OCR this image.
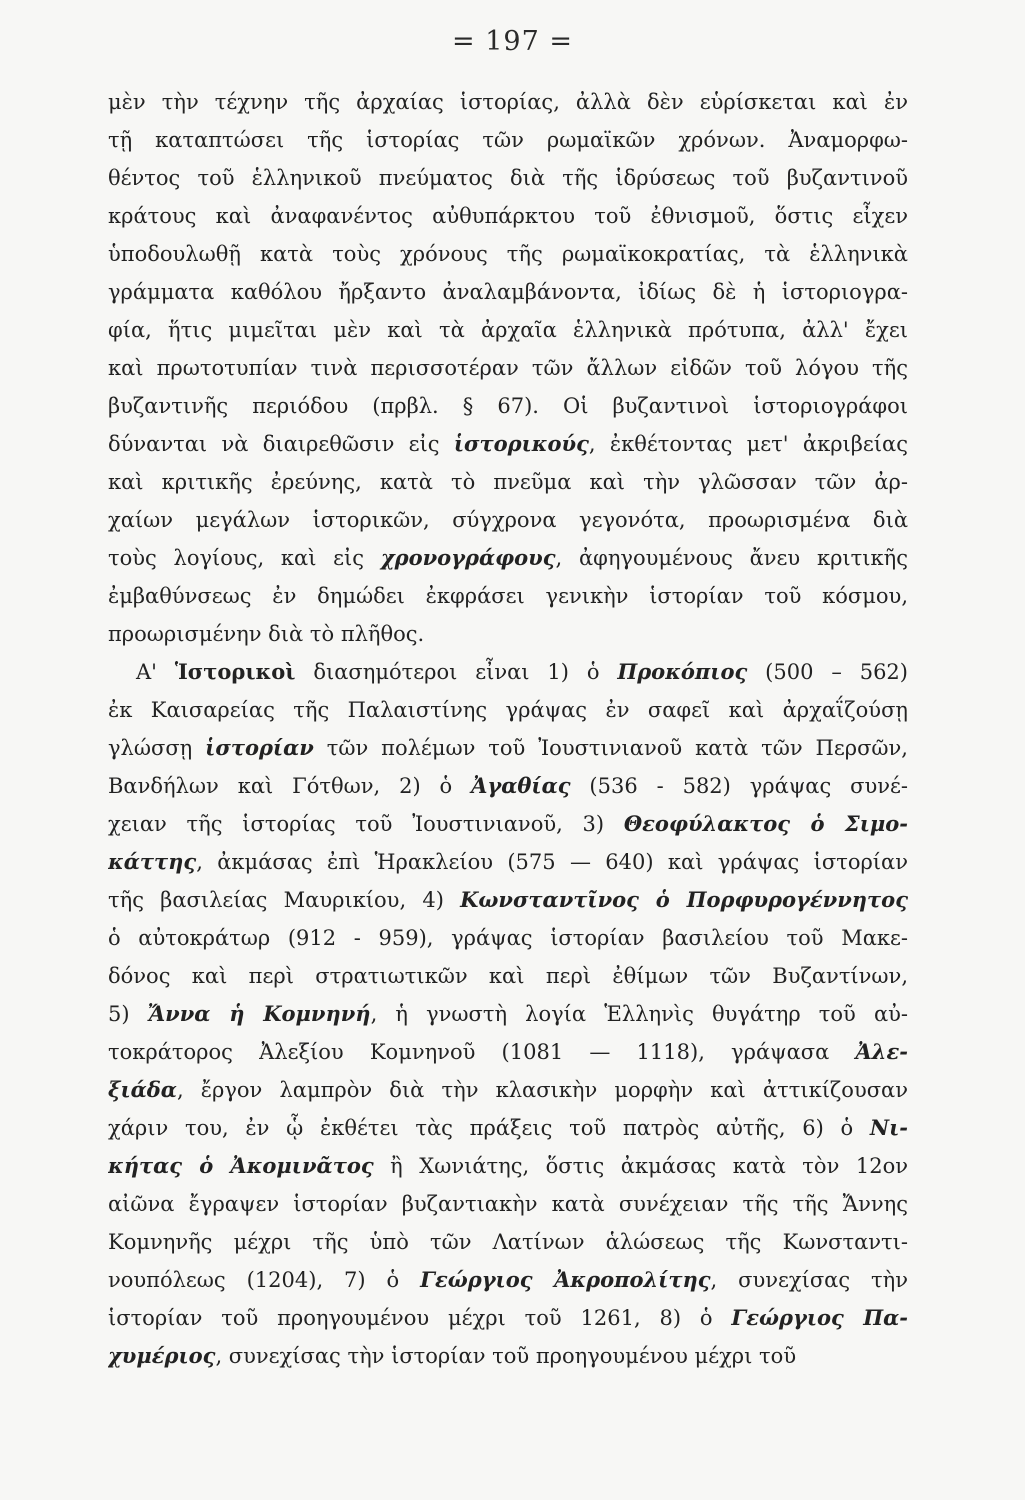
= 197 =
μὲν τὴν τέχνην τῆς ἀρχαίας ἱστορίας, ἀλλὰ δὲν εὑρίσκεται καὶ ἐν
τῇ καταπτώσει τῆς ἱστορίας τῶν ρωμαϊκῶν χρόνων. Ἀναμορφω-
θέντος τοῦ ἑλληνικοῦ πνεύματος διὰ τῆς ἱδρύσεως τοῦ βυζαντινοῦ
κράτους καὶ ἀναφανέντος αὐθυπάρκτου τοῦ ἐθνισμοῦ, ὅστις εἶχεν
ὑποδουλωθῇ κατὰ τοὺς χρόνους τῆς ρωμαϊκοκρατίας, τὰ ἑλληνικὰ
γράμματα καθόλου ἤρξαντο ἀναλαμβάνοντα, ἰδίως δὲ ἡ ἱστοριογρα-
φία, ἥτις μιμεῖται μὲν καὶ τὰ ἀρχαῖα ἑλληνικὰ πρότυπα, ἀλλ' ἔχει
καὶ πρωτοτυπίαν τινὰ περισσοτέραν τῶν ἄλλων εἰδῶν τοῦ λόγου τῆς
βυζαντινῆς περιόδου (πρβλ. § 67). Οἱ βυζαντινοὶ ἱστοριογράφοι
δύνανται νὰ διαιρεθῶσιν εἰς ἱστορικούς, ἐκθέτοντας μετ' ἀκριβείας
καὶ κριτικῆς ἐρεύνης, κατὰ τὸ πνεῦμα καὶ τὴν γλῶσσαν τῶν ἀρ-
χαίων μεγάλων ἱστορικῶν, σύγχρονα γεγονότα, προωρισμένα διὰ
τοὺς λογίους, καὶ εἰς χρονογράφους, ἀφηγουμένους ἄνευ κριτικῆς
ἐμβαθύνσεως ἐν δημώδει ἐκφράσει γενικὴν ἱστορίαν τοῦ κόσμου,
προωρισμένην διὰ τὸ πλῆθος.
Α' Ἱστορικοὶ διασημότεροι εἶναι 1) ὁ Προκόπιος (500 – 562)
ἐκ Καισαρείας τῆς Παλαιστίνης γράψας ἐν σαφεῖ καὶ ἀρχαΐζούσῃ
γλώσσῃ ἱστορίαν τῶν πολέμων τοῦ Ἰουστινιανοῦ κατὰ τῶν Περσῶν,
Βανδήλων καὶ Γότθων, 2) ὁ Ἀγαθίας (536 - 582) γράψας συνέ-
χειαν τῆς ἱστορίας τοῦ Ἰουστινιανοῦ, 3) Θεοφύλακτος ὁ Σιμο-
κάττης, ἀκμάσας ἐπὶ Ἡρακλείου (575 — 640) καὶ γράψας ἱστορίαν
τῆς βασιλείας Μαυρικίου, 4) Κωνσταντῖνος ὁ Πορφυρογέννητος
ὁ αὐτοκράτωρ (912 - 959), γράψας ἱστορίαν βασιλείου τοῦ Μακε-
δόνος καὶ περὶ στρατιωτικῶν καὶ περὶ ἐθίμων τῶν Βυζαντίνων,
5) Ἄννα ἡ Κομνηνή, ἡ γνωστὴ λογία Ἑλληνὶς θυγάτηρ τοῦ αὐ-
τοκράτορος Ἀλεξίου Κομνηνοῦ (1081 — 1118), γράψασα Ἀλε-
ξιάδα, ἔργον λαμπρὸν διὰ τὴν κλασικὴν μορφὴν καὶ ἀττικίζουσαν
χάριν του, ἐν ᾧ ἐκθέτει τὰς πράξεις τοῦ πατρὸς αὐτῆς, 6) ὁ Νι-
κήτας ὁ Ἀκομινᾶτος ἢ Χωνιάτης, ὅστις ἀκμάσας κατὰ τὸν 12ον
αἰῶνα ἔγραψεν ἱστορίαν βυζαντιακὴν κατὰ συνέχειαν τῆς τῆς Ἄννης
Κομνηνῆς μέχρι τῆς ὑπὸ τῶν Λατίνων ἁλώσεως τῆς Κωνσταντι-
νουπόλεως (1204), 7) ὁ Γεώργιος Ἀκροπολίτης, συνεχίσας τὴν
ἱστορίαν τοῦ προηγουμένου μέχρι τοῦ 1261, 8) ὁ Γεώργιος Πα-
χυμέριος, συνεχίσας τὴν ἱστορίαν τοῦ προηγουμένου μέχρι τοῦ
